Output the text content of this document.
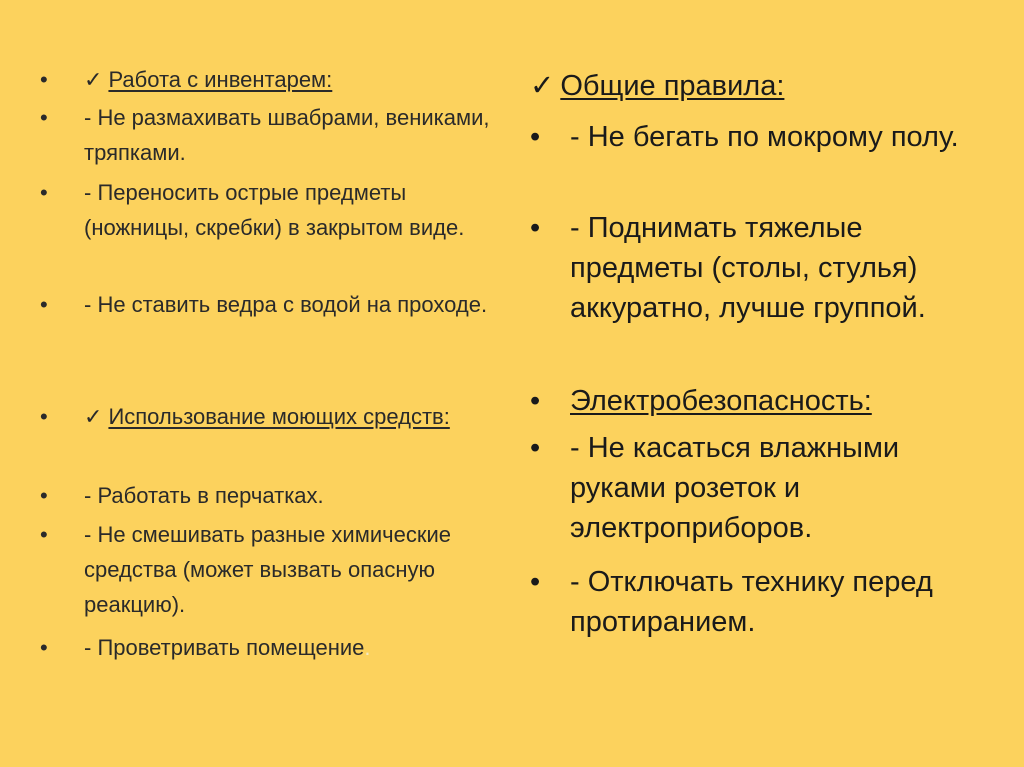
•	✓ Работа с инвентарем:
•	- Не размахивать швабрами, вениками, тряпками.
•	- Переносить острые предметы (ножницы, скребки) в закрытом виде.
•	- Не ставить ведра с водой на проходе.
•	✓ Использование моющих средств:
•	- Работать в перчатках.
•	- Не смешивать разные химические средства (может вызвать опасную реакцию).
•	- Проветривать помещение.
✓ Общие правила:
•	- Не бегать по мокрому полу.
•	- Поднимать тяжелые предметы (столы, стулья) аккуратно, лучше группой.
•	Электробезопасность:
•	- Не касаться влажными руками розеток и электроприборов.
•	- Отключать технику перед протиранием.
